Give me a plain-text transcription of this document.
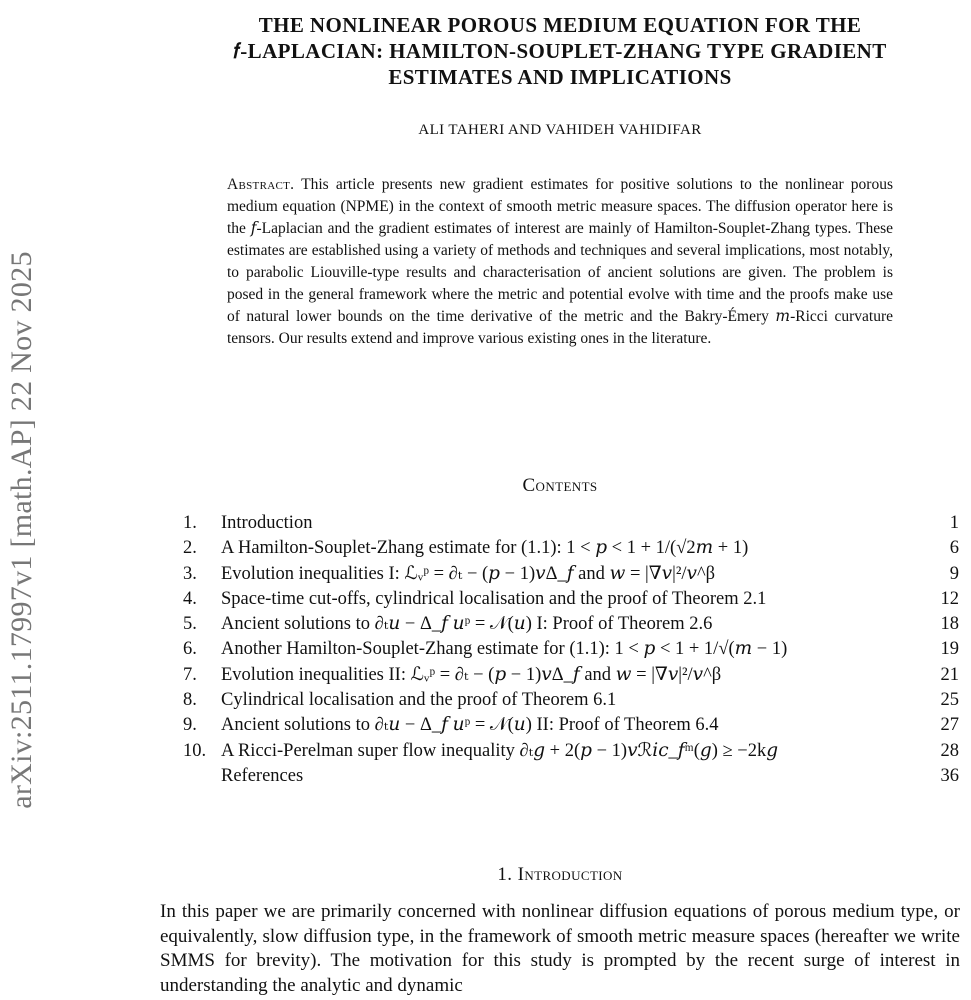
arXiv:2511.17997v1 [math.AP] 22 Nov 2025
THE NONLINEAR POROUS MEDIUM EQUATION FOR THE
𝑓-LAPLACIAN: HAMILTON-SOUPLET-ZHANG TYPE GRADIENT
ESTIMATES AND IMPLICATIONS
ALI TAHERI AND VAHIDEH VAHIDIFAR
Abstract. This article presents new gradient estimates for positive solutions to the nonlinear porous medium equation (NPME) in the context of smooth metric measure spaces. The diffusion operator here is the 𝑓-Laplacian and the gradient estimates of interest are mainly of Hamilton-Souplet-Zhang types. These estimates are established using a variety of methods and techniques and several implications, most notably, to parabolic Liouville-type results and characterisation of ancient solutions are given. The problem is posed in the general framework where the metric and potential evolve with time and the proofs make use of natural lower bounds on the time derivative of the metric and the Bakry-Émery 𝑚-Ricci curvature tensors. Our results extend and improve various existing ones in the literature.
Contents
1.	Introduction	1
2.	A Hamilton-Souplet-Zhang estimate for (1.1): 1 < 𝑝 < 1 + 1/(√2𝑚 + 1)	6
3.	Evolution inequalities I: ℒᵥᵖ = ∂ₜ − (𝑝 − 1)𝑣Δ_𝑓 and 𝑤 = |∇𝑣|²/𝑣^β	9
4.	Space-time cut-offs, cylindrical localisation and the proof of Theorem 2.1	12
5.	Ancient solutions to ∂ₜ𝑢 − Δ_𝑓 𝑢ᵖ = 𝒩(𝑢) I: Proof of Theorem 2.6	18
6.	Another Hamilton-Souplet-Zhang estimate for (1.1): 1 < 𝑝 < 1 + 1/√(𝑚 − 1)	19
7.	Evolution inequalities II: ℒᵥᵖ = ∂ₜ − (𝑝 − 1)𝑣Δ_𝑓 and 𝑤 = |∇𝑣|²/𝑣^β	21
8.	Cylindrical localisation and the proof of Theorem 6.1	25
9.	Ancient solutions to ∂ₜ𝑢 − Δ_𝑓 𝑢ᵖ = 𝒩(𝑢) II: Proof of Theorem 6.4	27
10. A Ricci-Perelman super flow inequality ∂ₜ𝑔 + 2(𝑝 − 1)𝑣ℛ𝑖𝑐_𝑓ᵐ(𝑔) ≥ −2k𝑔	28
References	36
1. Introduction

In this paper we are primarily concerned with nonlinear diffusion equations of porous medium type, or equivalently, slow diffusion type, in the framework of smooth metric measure spaces (hereafter we write SMMS for brevity). The motivation for this study is prompted by the recent surge of interest in understanding the analytic and dynamic
